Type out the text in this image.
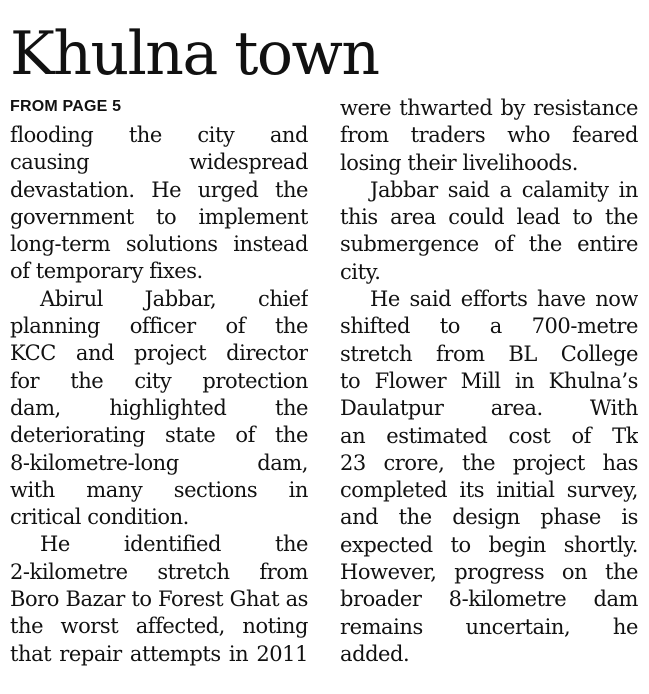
Khulna town
FROM PAGE 5
flooding the city and
causing widespread
devastation. He urged the
government to implement
long-term solutions instead
of temporary fixes.
Abirul Jabbar, chief
planning officer of the
KCC and project director
for the city protection
dam, highlighted the
deteriorating state of the
8-kilometre-long dam,
with many sections in
critical condition.
He identified the
2-kilometre stretch from
Boro Bazar to Forest Ghat as
the worst affected, noting
that repair attempts in 2011
were thwarted by resistance
from traders who feared
losing their livelihoods.
Jabbar said a calamity in
this area could lead to the
submergence of the entire
city.
He said efforts have now
shifted to a 700-metre
stretch from BL College
to Flower Mill in Khulna’s
Daulatpur area. With
an estimated cost of Tk
23 crore, the project has
completed its initial survey,
and the design phase is
expected to begin shortly.
However, progress on the
broader 8-kilometre dam
remains uncertain, he
added.
